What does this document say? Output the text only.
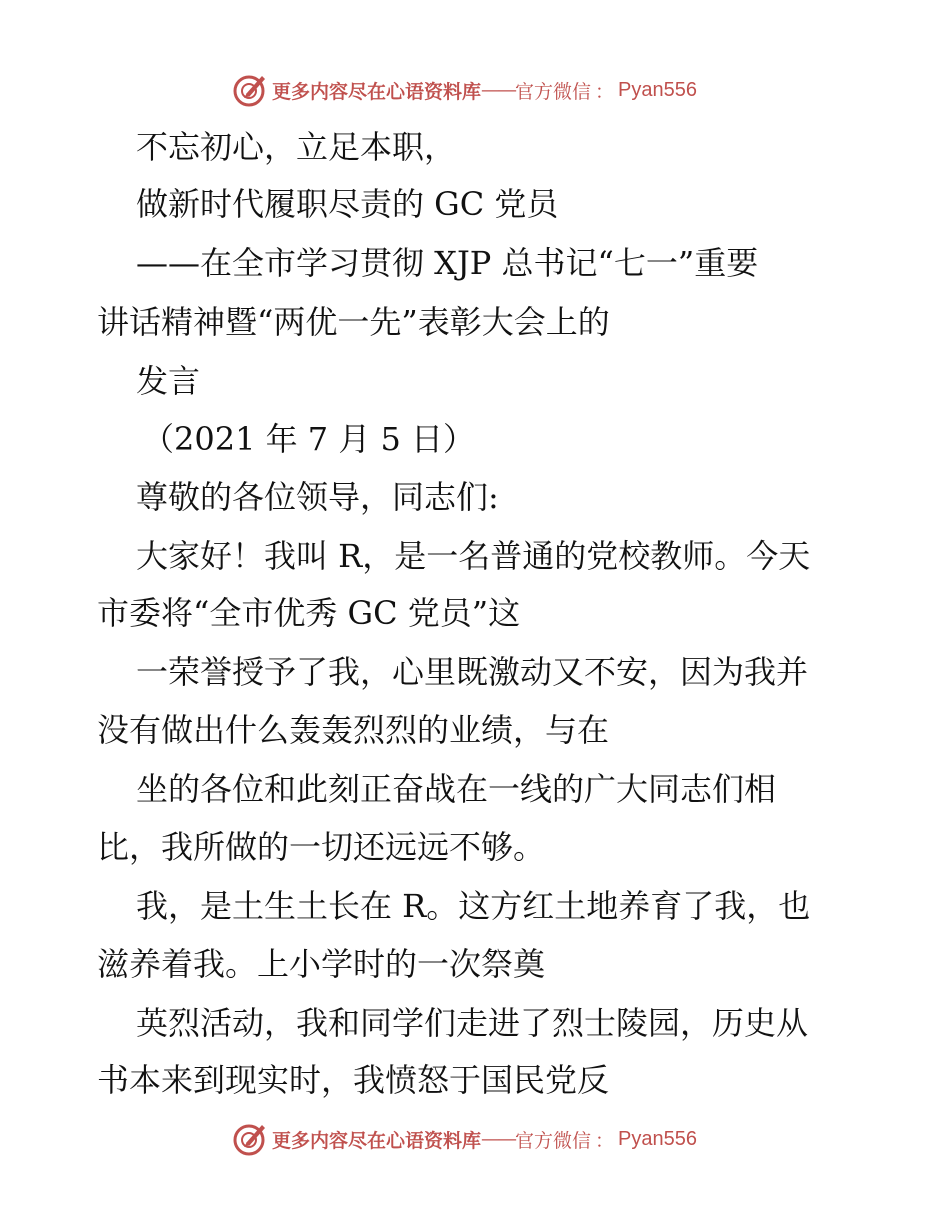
更多内容尽在心语资料库 —— 官方微信 ： Pyan556
不忘初心，立足本职，
做新时代履职尽责的 GC 党员
——在全市学习贯彻 XJP 总书记“七一”重要
讲话精神暨“两优一先”表彰大会上的
发言
（2021 年 7 月 5 日）
尊敬的各位领导，同志们:
大家好！我叫 R，是一名普通的党校教师。今天
市委将“全市优秀 GC 党员”这
一荣誉授予了我，心里既激动又不安，因为我并
没有做出什么轰轰烈烈的业绩，与在
坐的各位和此刻正奋战在一线的广大同志们相
比，我所做的一切还远远不够。
我，是土生土长在 R。这方红土地养育了我，也
滋养着我。上小学时的一次祭奠
英烈活动，我和同学们走进了烈士陵园，历史从
书本来到现实时，我愤怒于国民党反
更多内容尽在心语资料库 —— 官方微信 ： Pyan556
